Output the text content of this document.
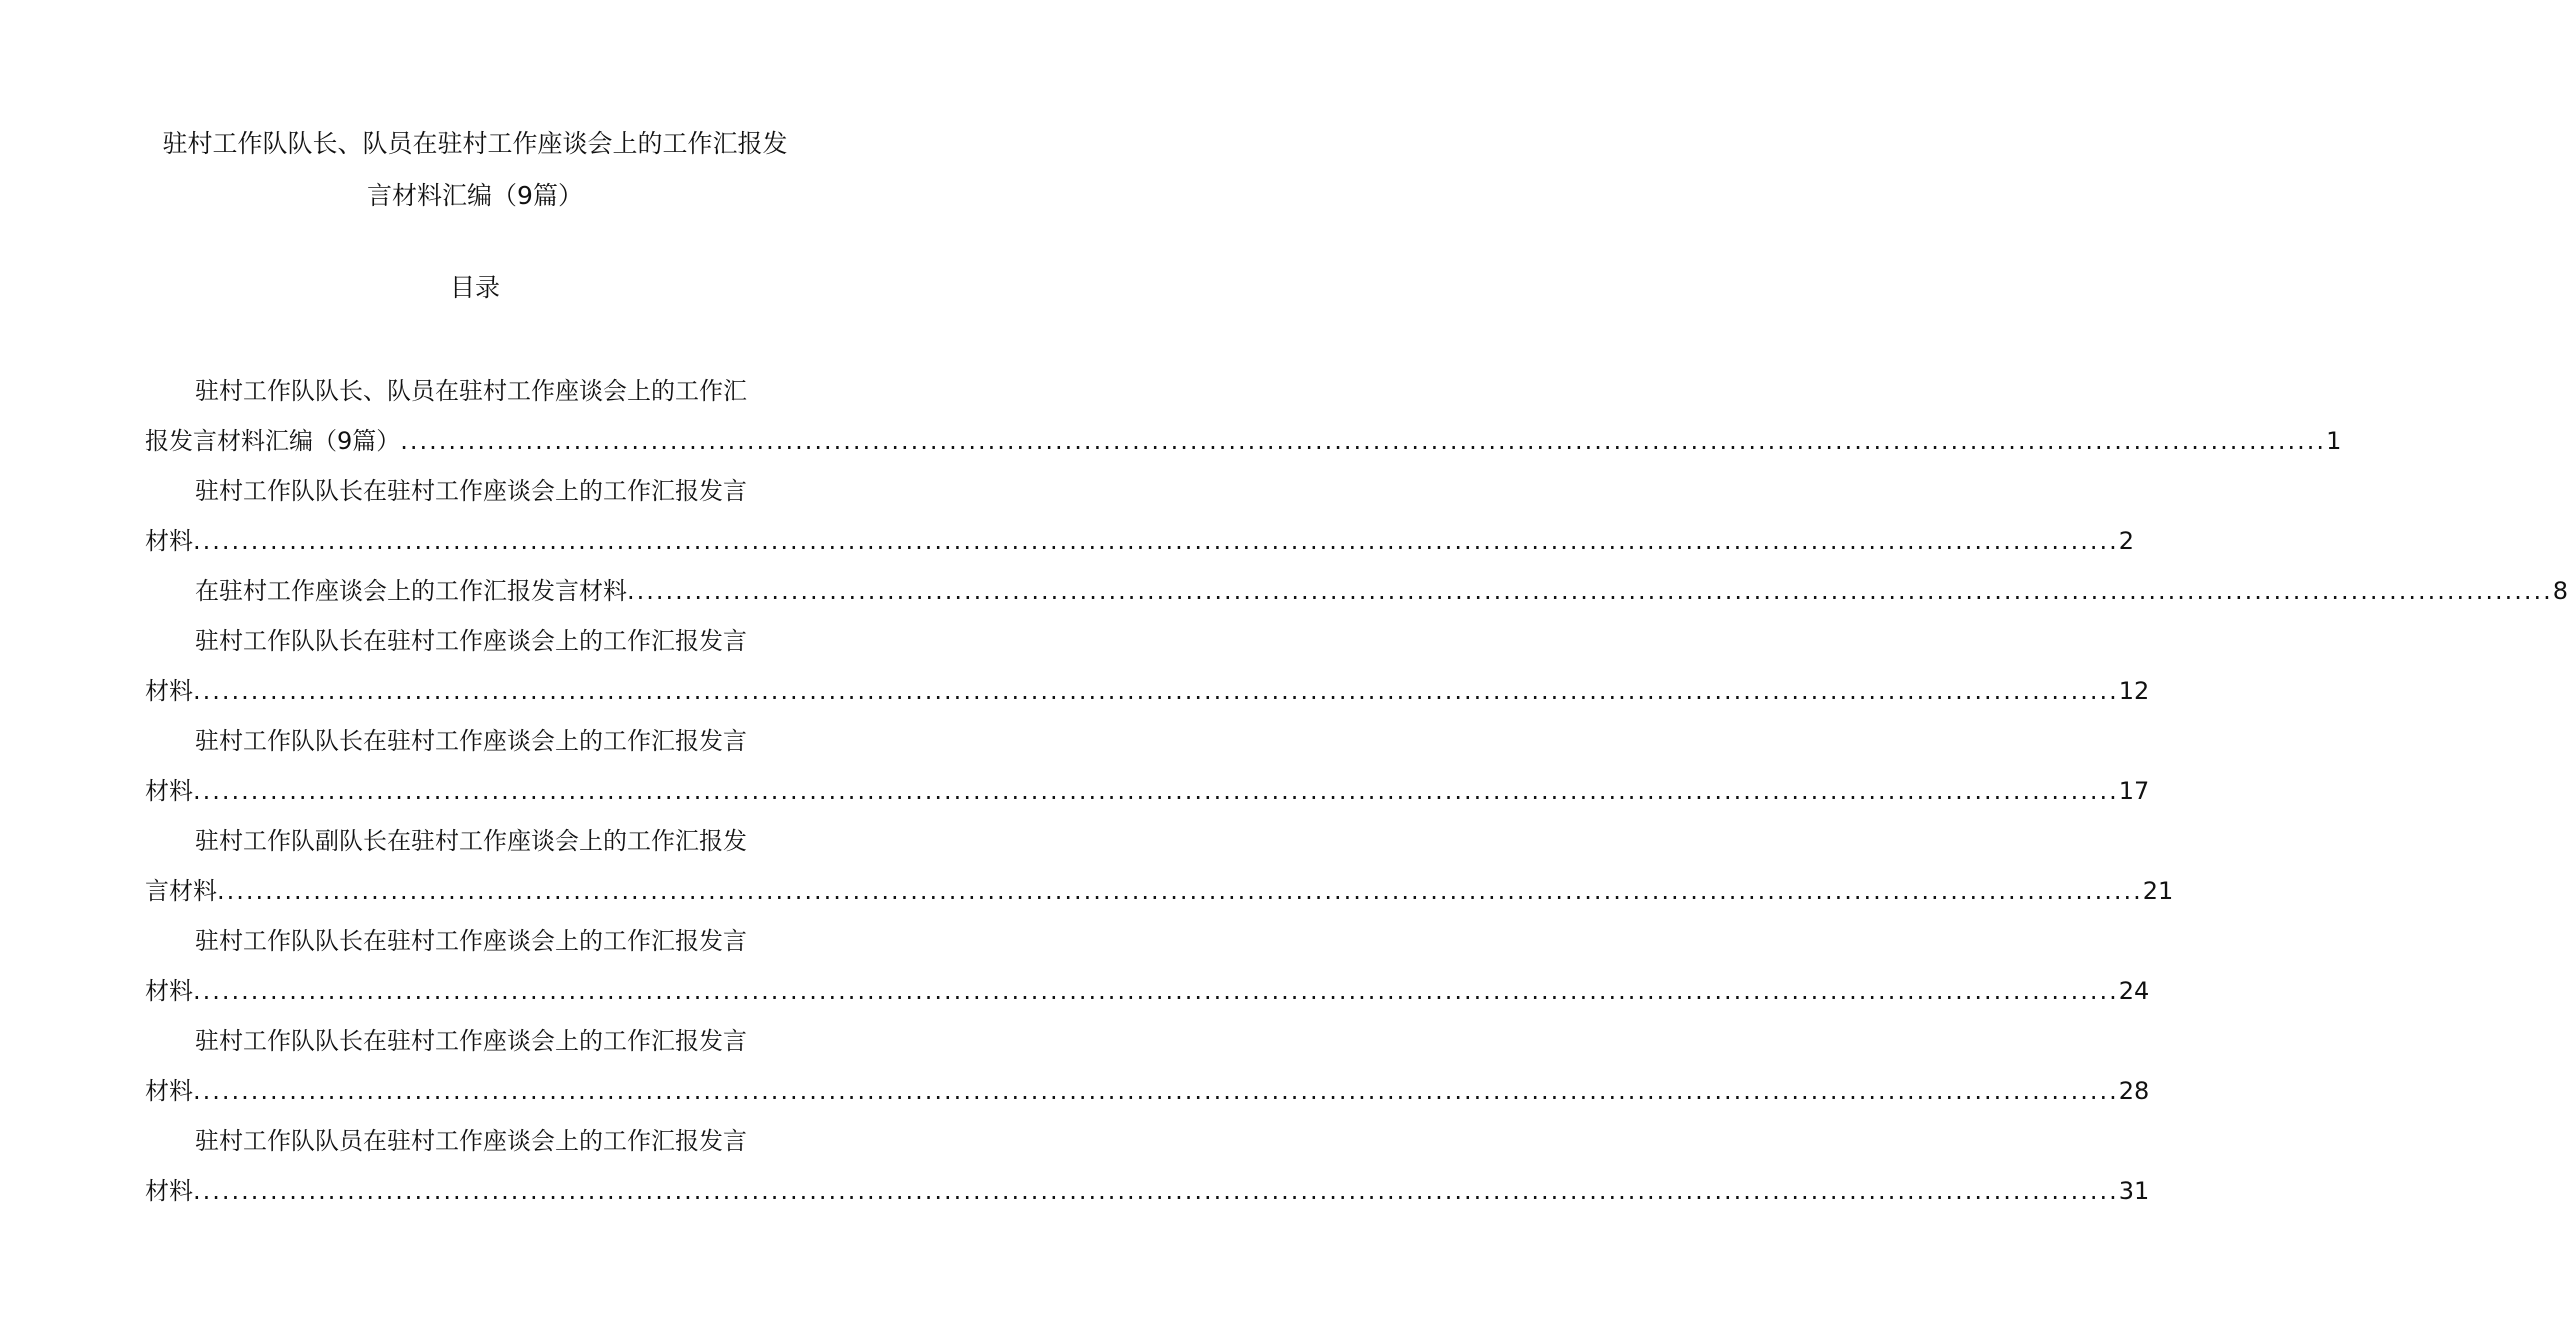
驻村工作队队长、队员在驻村工作座谈会上的工作汇报发
言材料汇编（9篇）
目录
驻村工作队队长、队员在驻村工作座谈会上的工作汇
报发言材料汇编（9篇） ........................................................................................................................................................................................................ 1
驻村工作队队长在驻村工作座谈会上的工作汇报发言
材料 ........................................................................................................................................................................................................ 2
在驻村工作座谈会上的工作汇报发言材料 ........................................................................................................................................................................................................ 8
驻村工作队队长在驻村工作座谈会上的工作汇报发言
材料 ........................................................................................................................................................................................................ 12
驻村工作队队长在驻村工作座谈会上的工作汇报发言
材料 ........................................................................................................................................................................................................ 17
驻村工作队副队长在驻村工作座谈会上的工作汇报发
言材料 ........................................................................................................................................................................................................ 21
驻村工作队队长在驻村工作座谈会上的工作汇报发言
材料 ........................................................................................................................................................................................................ 24
驻村工作队队长在驻村工作座谈会上的工作汇报发言
材料 ........................................................................................................................................................................................................ 28
驻村工作队队员在驻村工作座谈会上的工作汇报发言
材料 ........................................................................................................................................................................................................ 31
